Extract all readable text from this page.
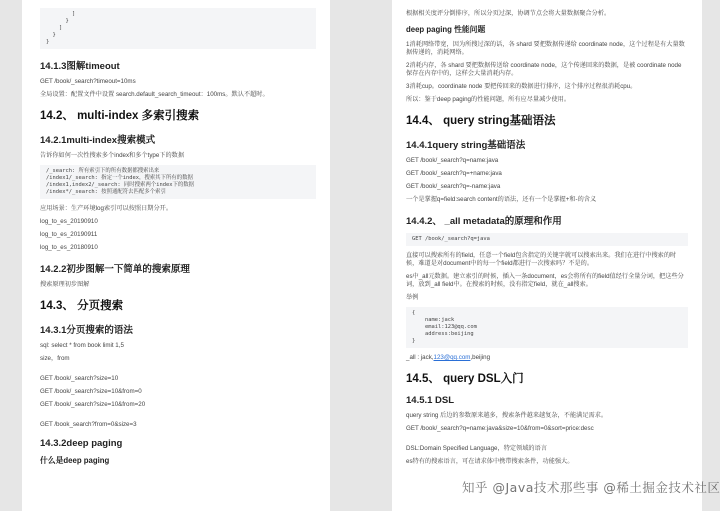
]
}
]
}
}
14.1.3图解timeout
GET /book/_search?timeout=10ms
全局设置：配置文件中设置 search.default_search_timeout：100ms。默认不超时。
14.2、 multi-index 多索引搜索
14.2.1multi-index搜索模式
告诉你如何一次性搜索多个index和多个type下的数据
/_search: 所有索引下的所有数据都搜索出来
/index1/_search: 指定一个index，搜索其下所有的数据
/index1,index2/_search: 同时搜索两个index下的数据
/index*/_search: 按照通配符去匹配多个索引
应用场景：生产环境log索引可以按照日期分开。
log_to_es_20190910
log_to_es_20190911
log_to_es_20180910
14.2.2初步图解一下简单的搜索原理
搜索原理初步图解
14.3、 分页搜索
14.3.1分页搜索的语法
sql: select * from book limit 1,5
size，from
GET /book/_search?size=10
GET /book/_search?size=10&from=0
GET /book/_search?size=10&from=20
GET /book_search?from=0&size=3
14.3.2deep paging
什么是deep paging
根据相关度评分倒排序，所以分页过深，协调节点会将大量数据聚合分析。
deep paging 性能问题
1消耗网络带宽，因为所搜过深的话，各 shard 要把数据传递给 coordinate node，这个过程是有大量数据传递的，消耗网络。
2消耗内存，各 shard 要把数据传送给 coordinate node，这个传递回来的数据，是被 coordinate node 保存在内存中的，这样会大量消耗内存。
3消耗cup。coordinate node 要把传回来的数据进行排序，这个排序过程很消耗cpu。
所以：鉴于deep paging的性能问题，所有应尽量减少使用。
14.4、 query string基础语法
14.4.1query string基础语法
GET /book/_search?q=name:java
GET /book/_search?q=+name:java
GET /book/_search?q=-name:java
一个是掌握q=field:search content的语法，还有一个是掌握+和-的含义
14.4.2、 _all metadata的原理和作用
GET /book/_search?q=java
直接可以搜索所有的field，任意一个field包含指定的关键字就可以搜索出来。我们在进行中搜索的时候，难道是对document中的每一个field都进行一次搜索吗？不是的。
es中_all元数据。建立索引的时候，插入一条document，es会将所有的field值经行全量分词，把这些分词，放到_all field中。在搜索的时候，没有指定field，就在_all搜索。
举例
{
name:jack
email:123@qq.com
address:beijing
}
_all : jack,123@qq.com,beijing
14.5、 query DSL入门
14.5.1 DSL
query string 后边的参数原来越多，搜索条件越来越复杂，不能满足需求。
GET /book/_search?q=name:java&size=10&from=0&sort=price:desc
DSL:Domain Specified Language，特定领域的语言
es特有的搜索语言，可在请求体中携带搜索条件，功能强大。
知乎 @Java技术那些事 @稀土掘金技术社区
